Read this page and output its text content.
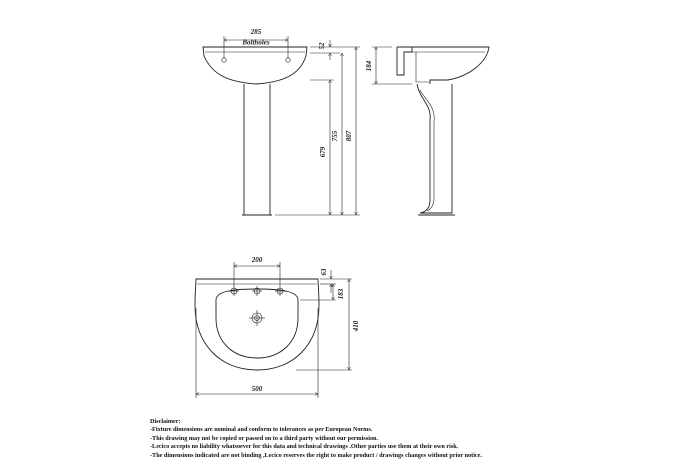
285
Boltholes	52
679
755 807
184
200
63
183
410
500
Disclaimer:
-Fixture dimensions are nominal and conform to tolerances as per European Norms.
-This drawing may not be copied or passed on to a third party without our permission.
-Lecico accepts no liability whatsoever for this data and technical drawings .Other parties use them at their own risk.
-The dimensions indicated are not binding ,Lecico reserves the right to make product / drawings changes without prior notice.
